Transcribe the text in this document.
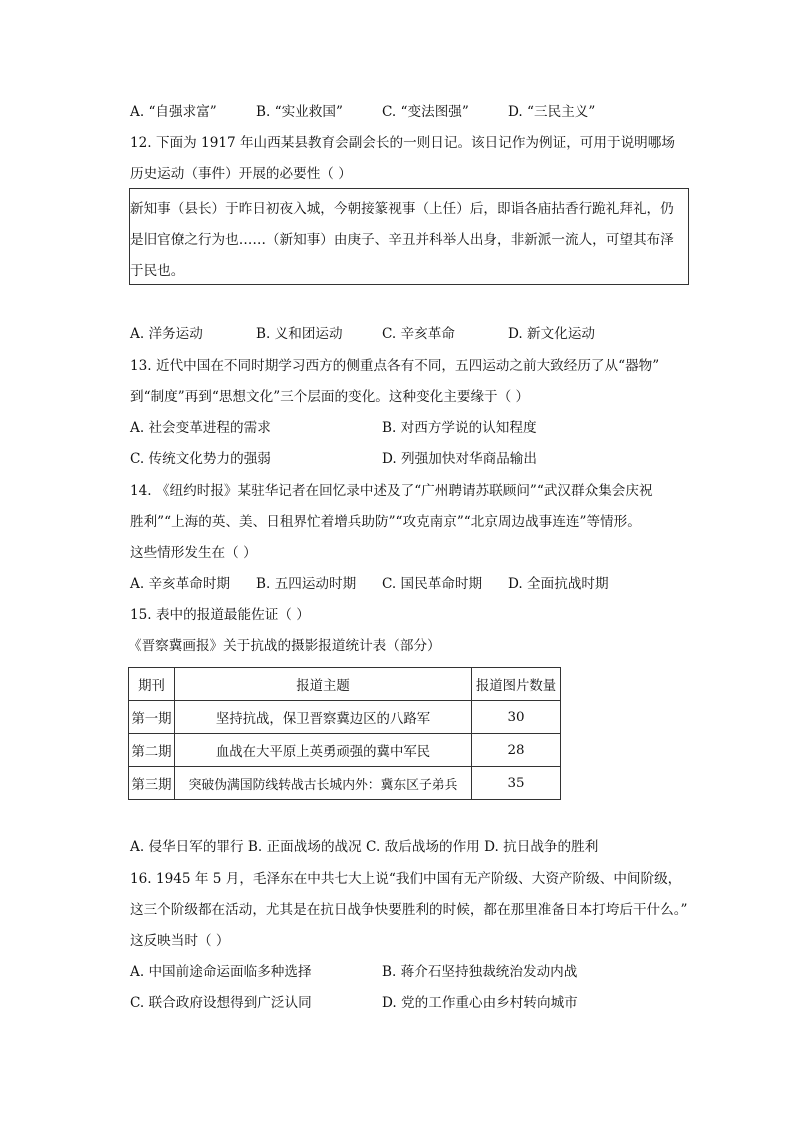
A. “自强求富”	B. “实业救国”	C. “变法图强”	D. “三民主义”
12. 下面为 1917 年山西某县教育会副会长的一则日记。该日记作为例证，可用于说明哪场
历史运动（事件）开展的必要性（ ）
新知事（县长）于昨日初夜入城，今朝接篆视事（上任）后，即诣各庙拈香行跪礼拜礼，仍
是旧官僚之行为也……（新知事）由庚子、辛丑并科举人出身，非新派一流人，可望其布泽
于民也。
A. 洋务运动	B. 义和团运动	C. 辛亥革命	D. 新文化运动
13. 近代中国在不同时期学习西方的侧重点各有不同，五四运动之前大致经历了从“器物”
到“制度”再到“思想文化”三个层面的变化。这种变化主要缘于（ ）
A. 社会变革进程的需求	B. 对西方学说的认知程度
C. 传统文化势力的强弱	D. 列强加快对华商品输出
14. 《纽约时报》某驻华记者在回忆录中述及了“广州聘请苏联顾问”“武汉群众集会庆祝
胜利”“上海的英、美、日租界忙着增兵助防”“攻克南京”“北京周边战事连连”等情形。
这些情形发生在（ ）
A. 辛亥革命时期 B. 五四运动时期 C. 国民革命时期 D. 全面抗战时期
15. 表中的报道最能佐证（ ）
《晋察冀画报》关于抗战的摄影报道统计表（部分）
期刊	报道主题	报道图片数量
第一期	坚持抗战，保卫晋察冀边区的八路军	30
第二期	血战在大平原上英勇顽强的冀中军民	28
第三期	突破伪满国防线转战古长城内外：冀东区子弟兵	35
A. 侵华日军的罪行 B. 正面战场的战况 C. 敌后战场的作用 D. 抗日战争的胜利
16. 1945 年 5 月，毛泽东在中共七大上说“我们中国有无产阶级、大资产阶级、中间阶级，
这三个阶级都在活动，尤其是在抗日战争快要胜利的时候，都在那里准备日本打垮后干什么。”
这反映当时（ ）
A. 中国前途命运面临多种选择	B. 蒋介石坚持独裁统治发动内战
C. 联合政府设想得到广泛认同	D. 党的工作重心由乡村转向城市
